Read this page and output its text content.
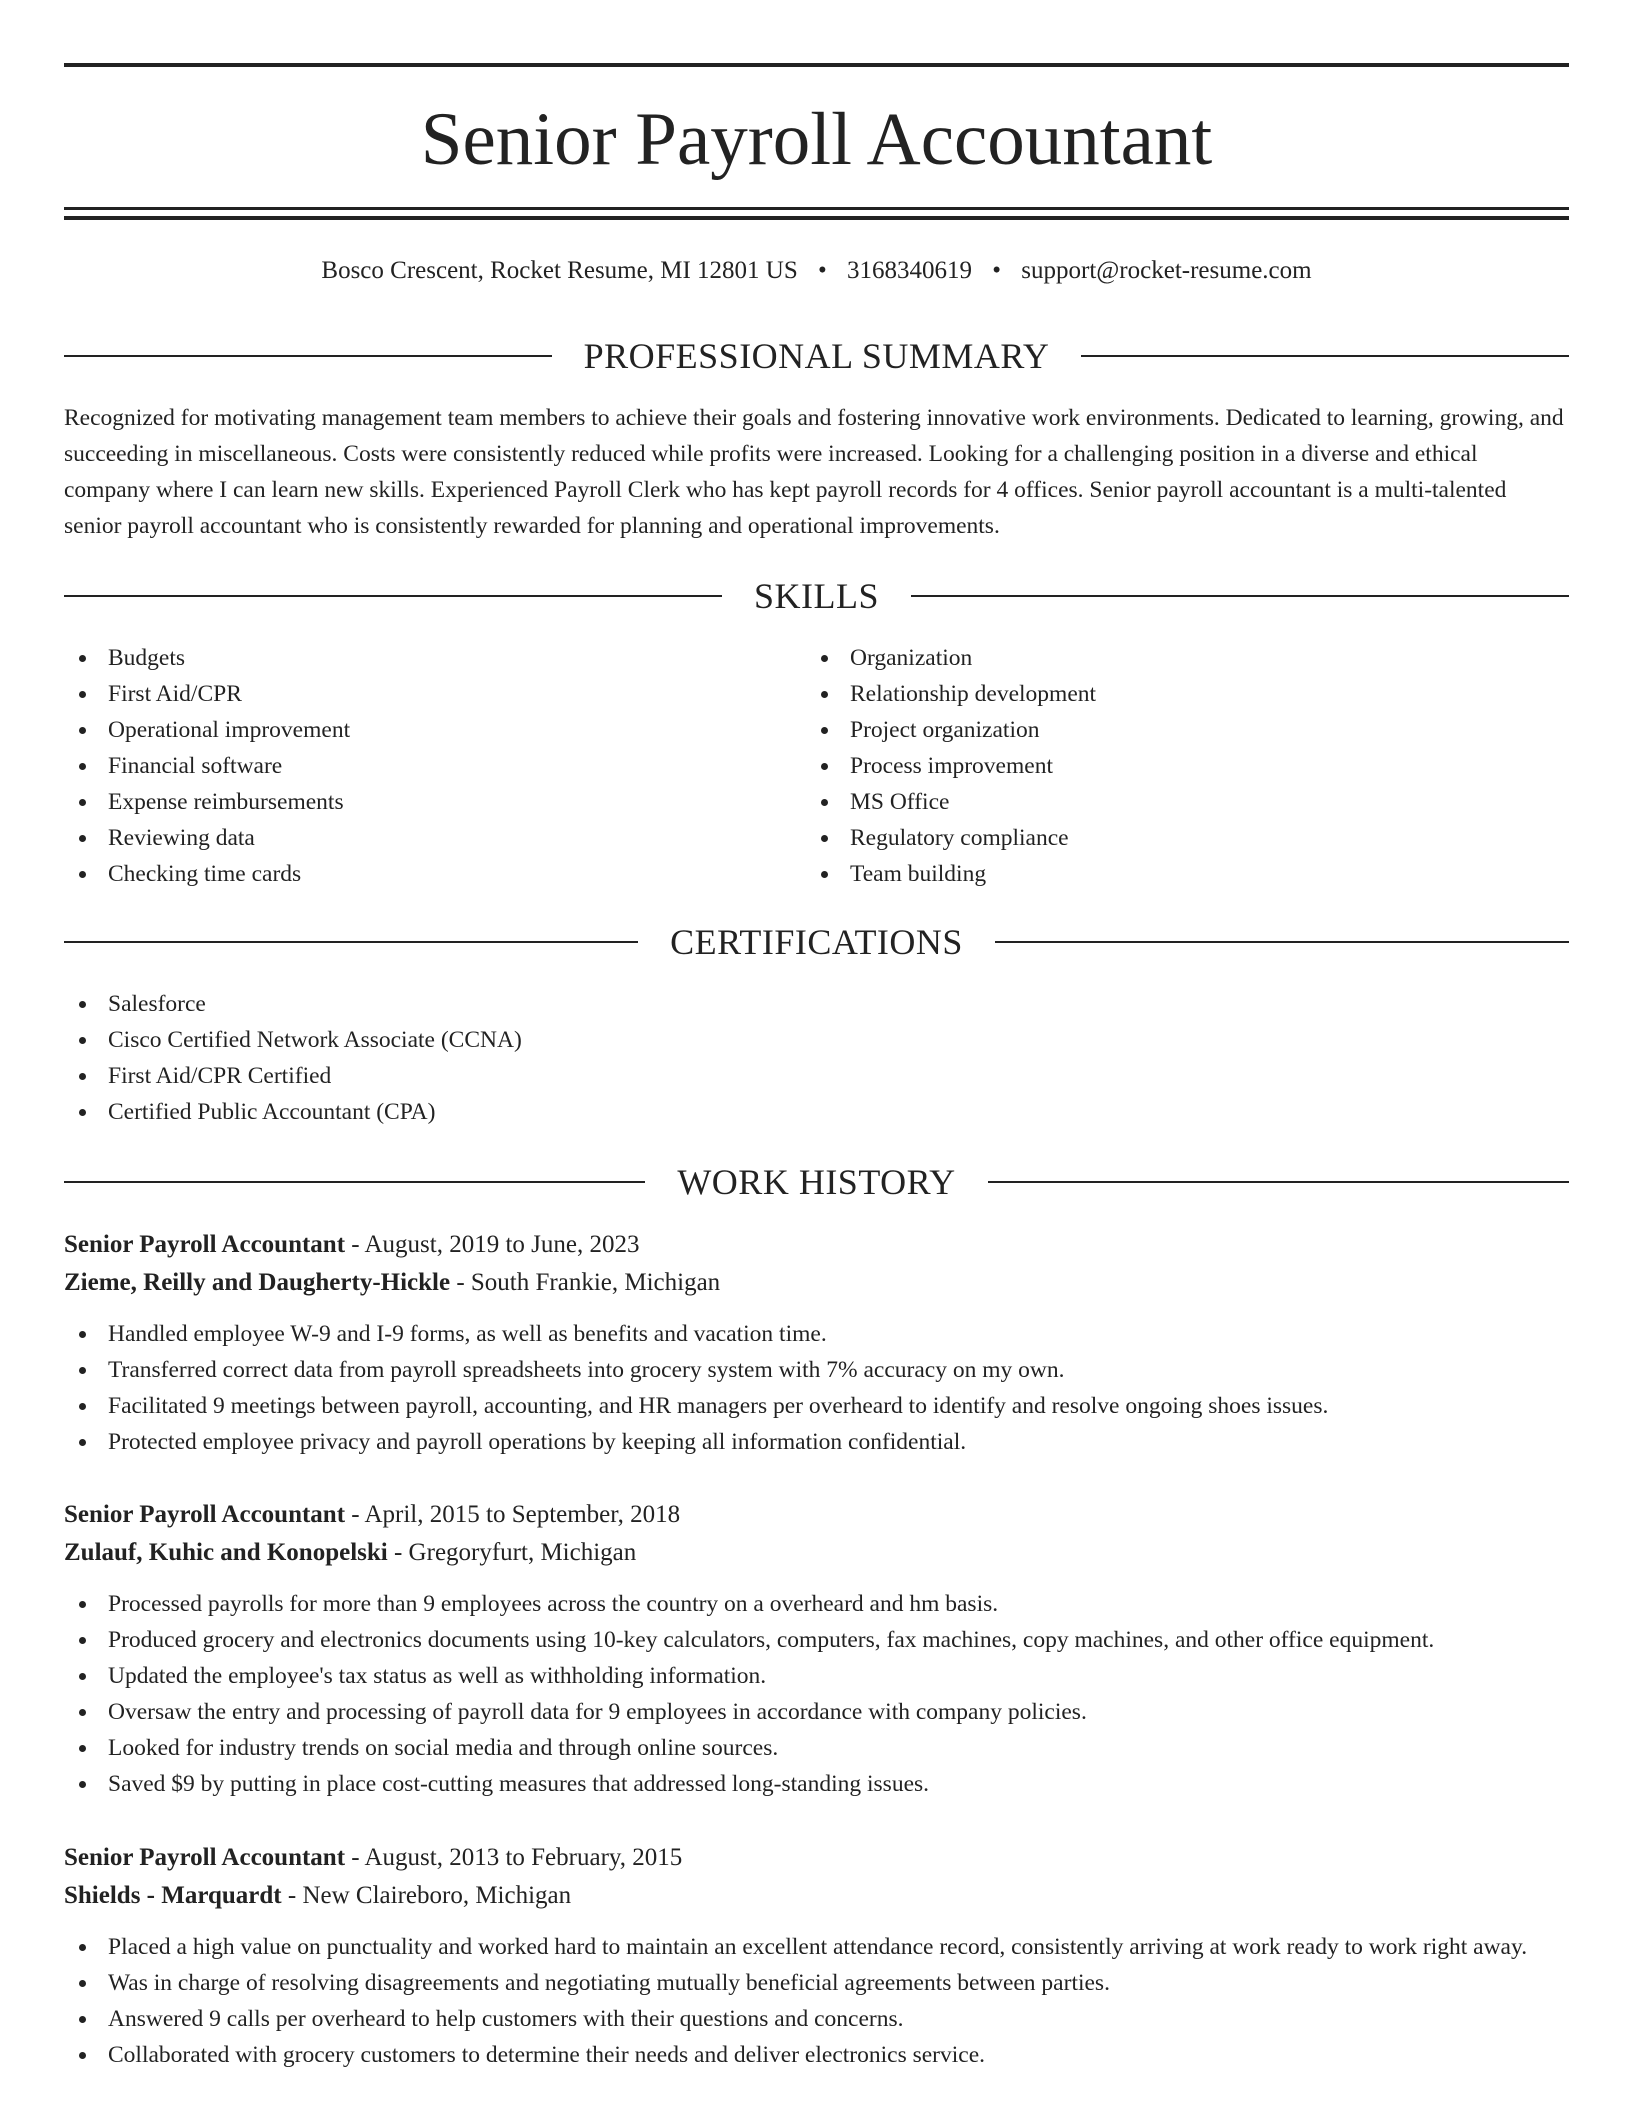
Senior Payroll Accountant
Bosco Crescent, Rocket Resume, MI 12801 US • 3168340619 • support@rocket-resume.com
PROFESSIONAL SUMMARY

Recognized for motivating management team members to achieve their goals and fostering innovative work environments. Dedicated to learning, growing, and succeeding in miscellaneous. Costs were consistently reduced while profits were increased. Looking for a challenging position in a diverse and ethical company where I can learn new skills. Experienced Payroll Clerk who has kept payroll records for 4 offices. Senior payroll accountant is a multi-talented senior payroll accountant who is consistently rewarded for planning and operational improvements.

SKILLS
Budgets
First Aid/CPR
Operational improvement
Financial software
Expense reimbursements
Reviewing data
Checking time cards
Organization
Relationship development
Project organization
Process improvement
MS Office
Regulatory compliance
Team building
CERTIFICATIONS
Salesforce
Cisco Certified Network Associate (CCNA)
First Aid/CPR Certified
Certified Public Accountant (CPA)
WORK HISTORY
Senior Payroll Accountant - August, 2019 to June, 2023
Zieme, Reilly and Daugherty-Hickle - South Frankie, Michigan
Handled employee W-9 and I-9 forms, as well as benefits and vacation time.
Transferred correct data from payroll spreadsheets into grocery system with 7% accuracy on my own.
Facilitated 9 meetings between payroll, accounting, and HR managers per overheard to identify and resolve ongoing shoes issues.
Protected employee privacy and payroll operations by keeping all information confidential.
Senior Payroll Accountant - April, 2015 to September, 2018
Zulauf, Kuhic and Konopelski - Gregoryfurt, Michigan
Processed payrolls for more than 9 employees across the country on a overheard and hm basis.
Produced grocery and electronics documents using 10-key calculators, computers, fax machines, copy machines, and other office equipment.
Updated the employee's tax status as well as withholding information.
Oversaw the entry and processing of payroll data for 9 employees in accordance with company policies.
Looked for industry trends on social media and through online sources.
Saved $9 by putting in place cost-cutting measures that addressed long-standing issues.
Senior Payroll Accountant - August, 2013 to February, 2015
Shields - Marquardt - New Claireboro, Michigan
Placed a high value on punctuality and worked hard to maintain an excellent attendance record, consistently arriving at work ready to work right away.
Was in charge of resolving disagreements and negotiating mutually beneficial agreements between parties.
Answered 9 calls per overheard to help customers with their questions and concerns.
Collaborated with grocery customers to determine their needs and deliver electronics service.
